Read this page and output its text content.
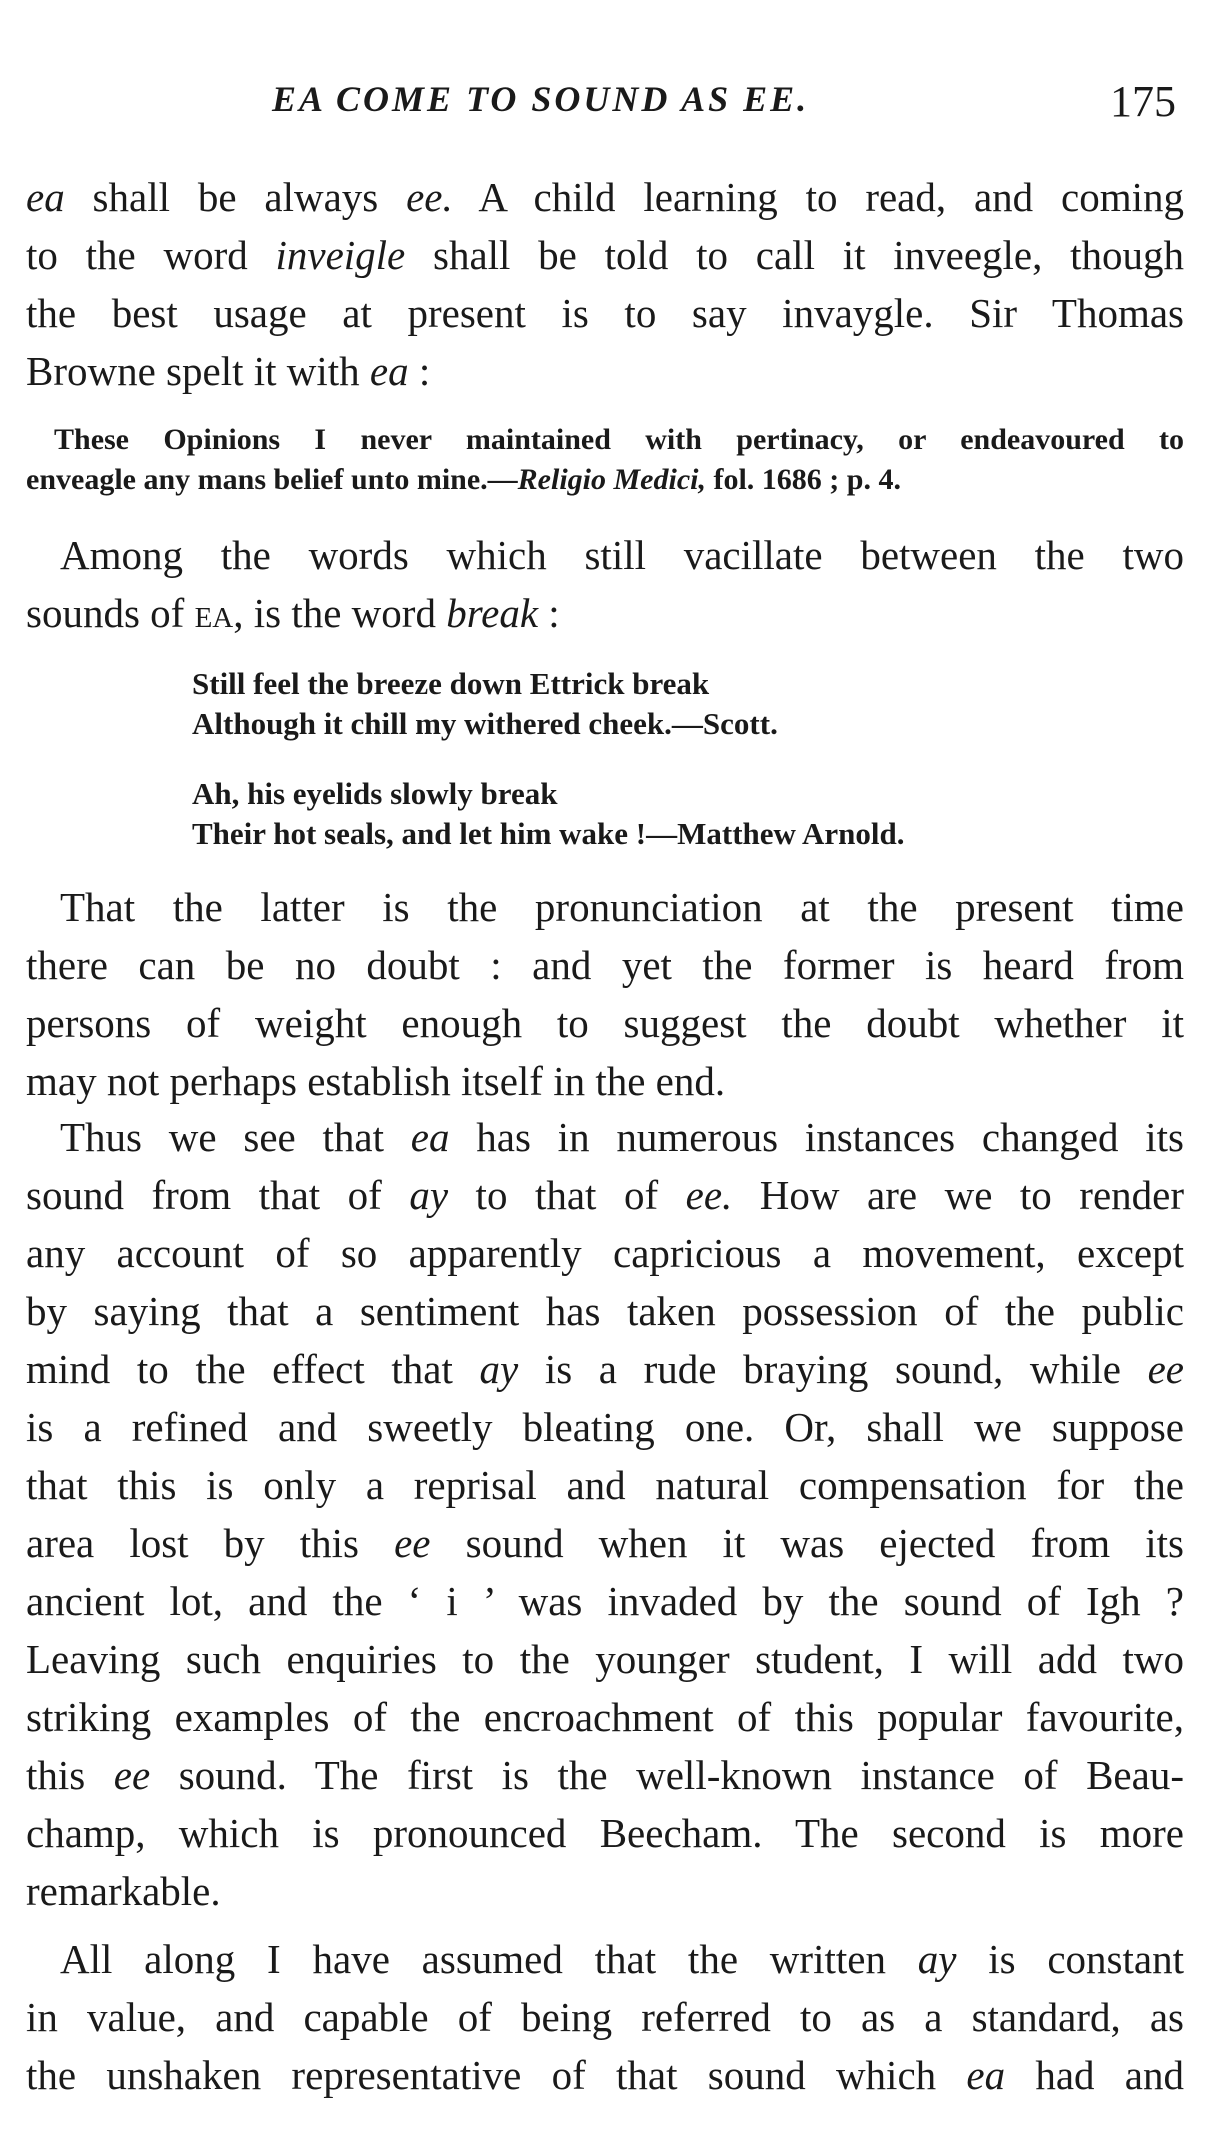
EA COME TO SOUND AS EE.	175
ea shall be always ee. A child learning to read, and coming
to the word inveigle shall be told to call it inveegle, though
the best usage at present is to say invaygle. Sir Thomas
Browne spelt it with ea :
These Opinions I never maintained with pertinacy, or endeavoured to
enveagle any mans belief unto mine.—Religio Medici, fol. 1686 ; p. 4.
Among the words which still vacillate between the two
sounds of ea, is the word break :
Still feel the breeze down Ettrick break
Although it chill my withered cheek.—Scott.
Ah, his eyelids slowly break
Their hot seals, and let him wake !—Matthew Arnold.
That the latter is the pronunciation at the present time
there can be no doubt : and yet the former is heard from
persons of weight enough to suggest the doubt whether it
may not perhaps establish itself in the end.
Thus we see that ea has in numerous instances changed its
sound from that of ay to that of ee. How are we to render
any account of so apparently capricious a movement, except
by saying that a sentiment has taken possession of the public
mind to the effect that ay is a rude braying sound, while ee
is a refined and sweetly bleating one. Or, shall we suppose
that this is only a reprisal and natural compensation for the
area lost by this ee sound when it was ejected from its
ancient lot, and the ‘ i ’ was invaded by the sound of Igh ?
Leaving such enquiries to the younger student, I will add two
striking examples of the encroachment of this popular favourite,
this ee sound. The first is the well-known instance of Beau-
champ, which is pronounced Beecham. The second is more
remarkable.
All along I have assumed that the written ay is constant
in value, and capable of being referred to as a standard, as
the unshaken representative of that sound which ea had and
